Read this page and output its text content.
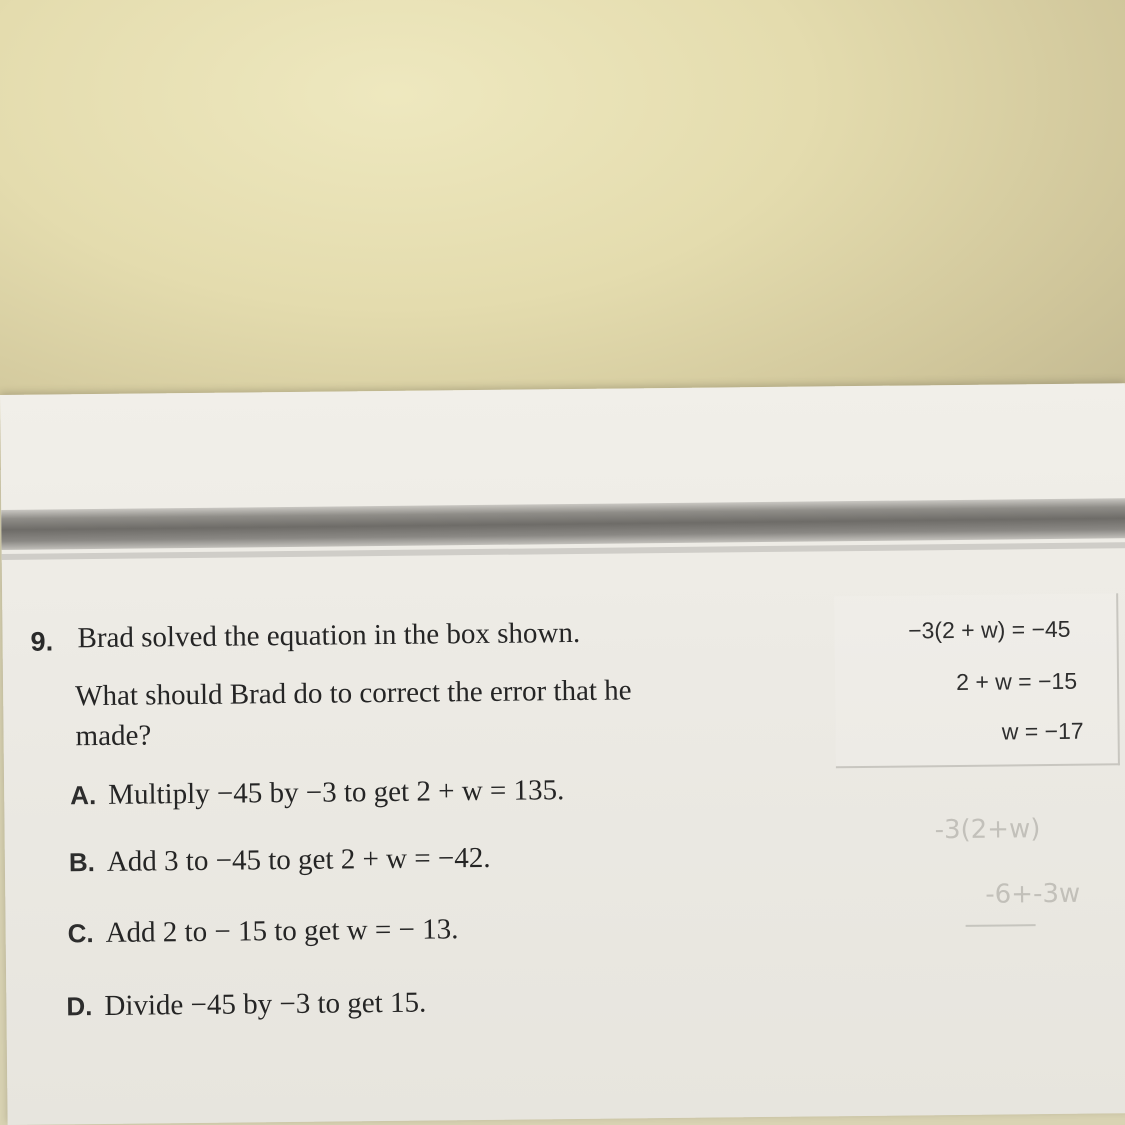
9. Brad solved the equation in the box shown.
What should Brad do to correct the error that he made?
A. Multiply −45 by −3 to get 2 + w = 135.
B. Add 3 to −45 to get 2 + w = −42.
C. Add 2 to − 15 to get w = − 13.
D. Divide −45 by −3 to get 15.
−3(2 + w) = −45
2 + w = −15
w = −17
-3(2+w)
-6+-3w
